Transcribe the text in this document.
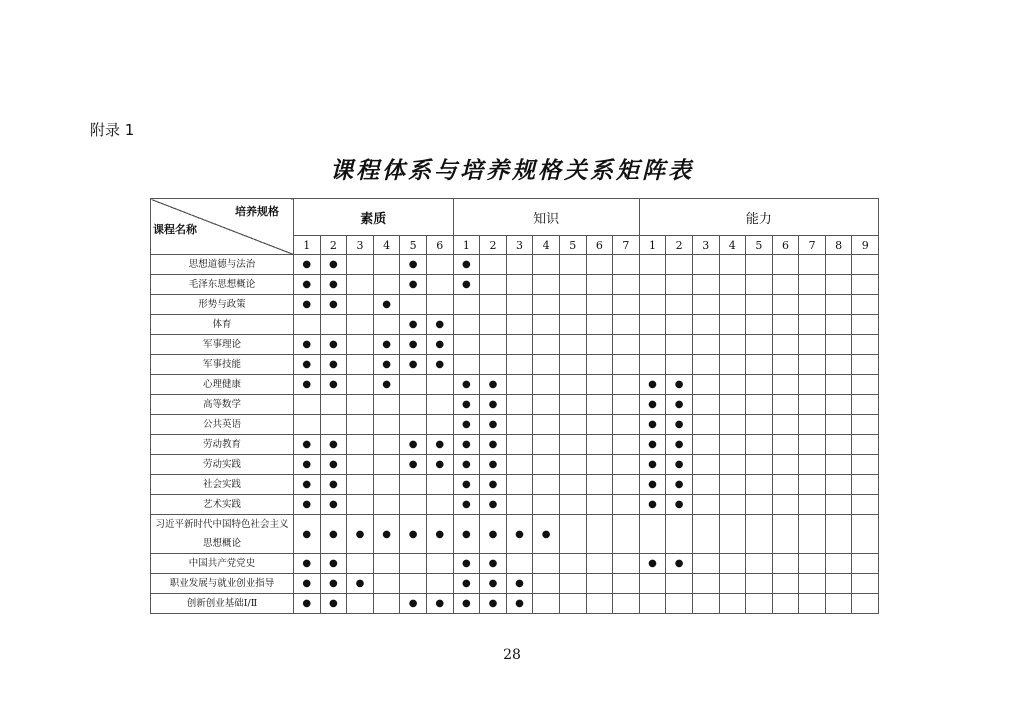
附录 1
课程体系与培养规格关系矩阵表
培养规格
课程名称	素质						知识							能力								
	1	2	3	4	5	6	1	2	3	4	5	6	7	1	2	3	4	5	6	7	8	9
思想道德与法治	●	●			●		●															
毛泽东思想概论	●	●			●		●															
形势与政策	●	●		●																		
体育					●	●																
军事理论	●	●		●	●	●																
军事技能	●	●		●	●	●																
心理健康	●	●		●			●	●						●	●							
高等数学							●	●						●	●							
公共英语							●	●						●	●							
劳动教育	●	●			●	●	●	●						●	●							
劳动实践	●	●			●	●	●	●						●	●							
社会实践	●	●					●	●						●	●							
艺术实践	●	●					●	●						●	●							

习近平新时代中国特色社会主义
思想概论	●	●	●	●	●	●	●	●	●	●												
中国共产党党史	●	●					●	●						●	●							
职业发展与就业创业指导	●	●	●				●	●	●													
创新创业基础Ⅰ/Ⅱ	●	●			●	●	●	●	●													
28
